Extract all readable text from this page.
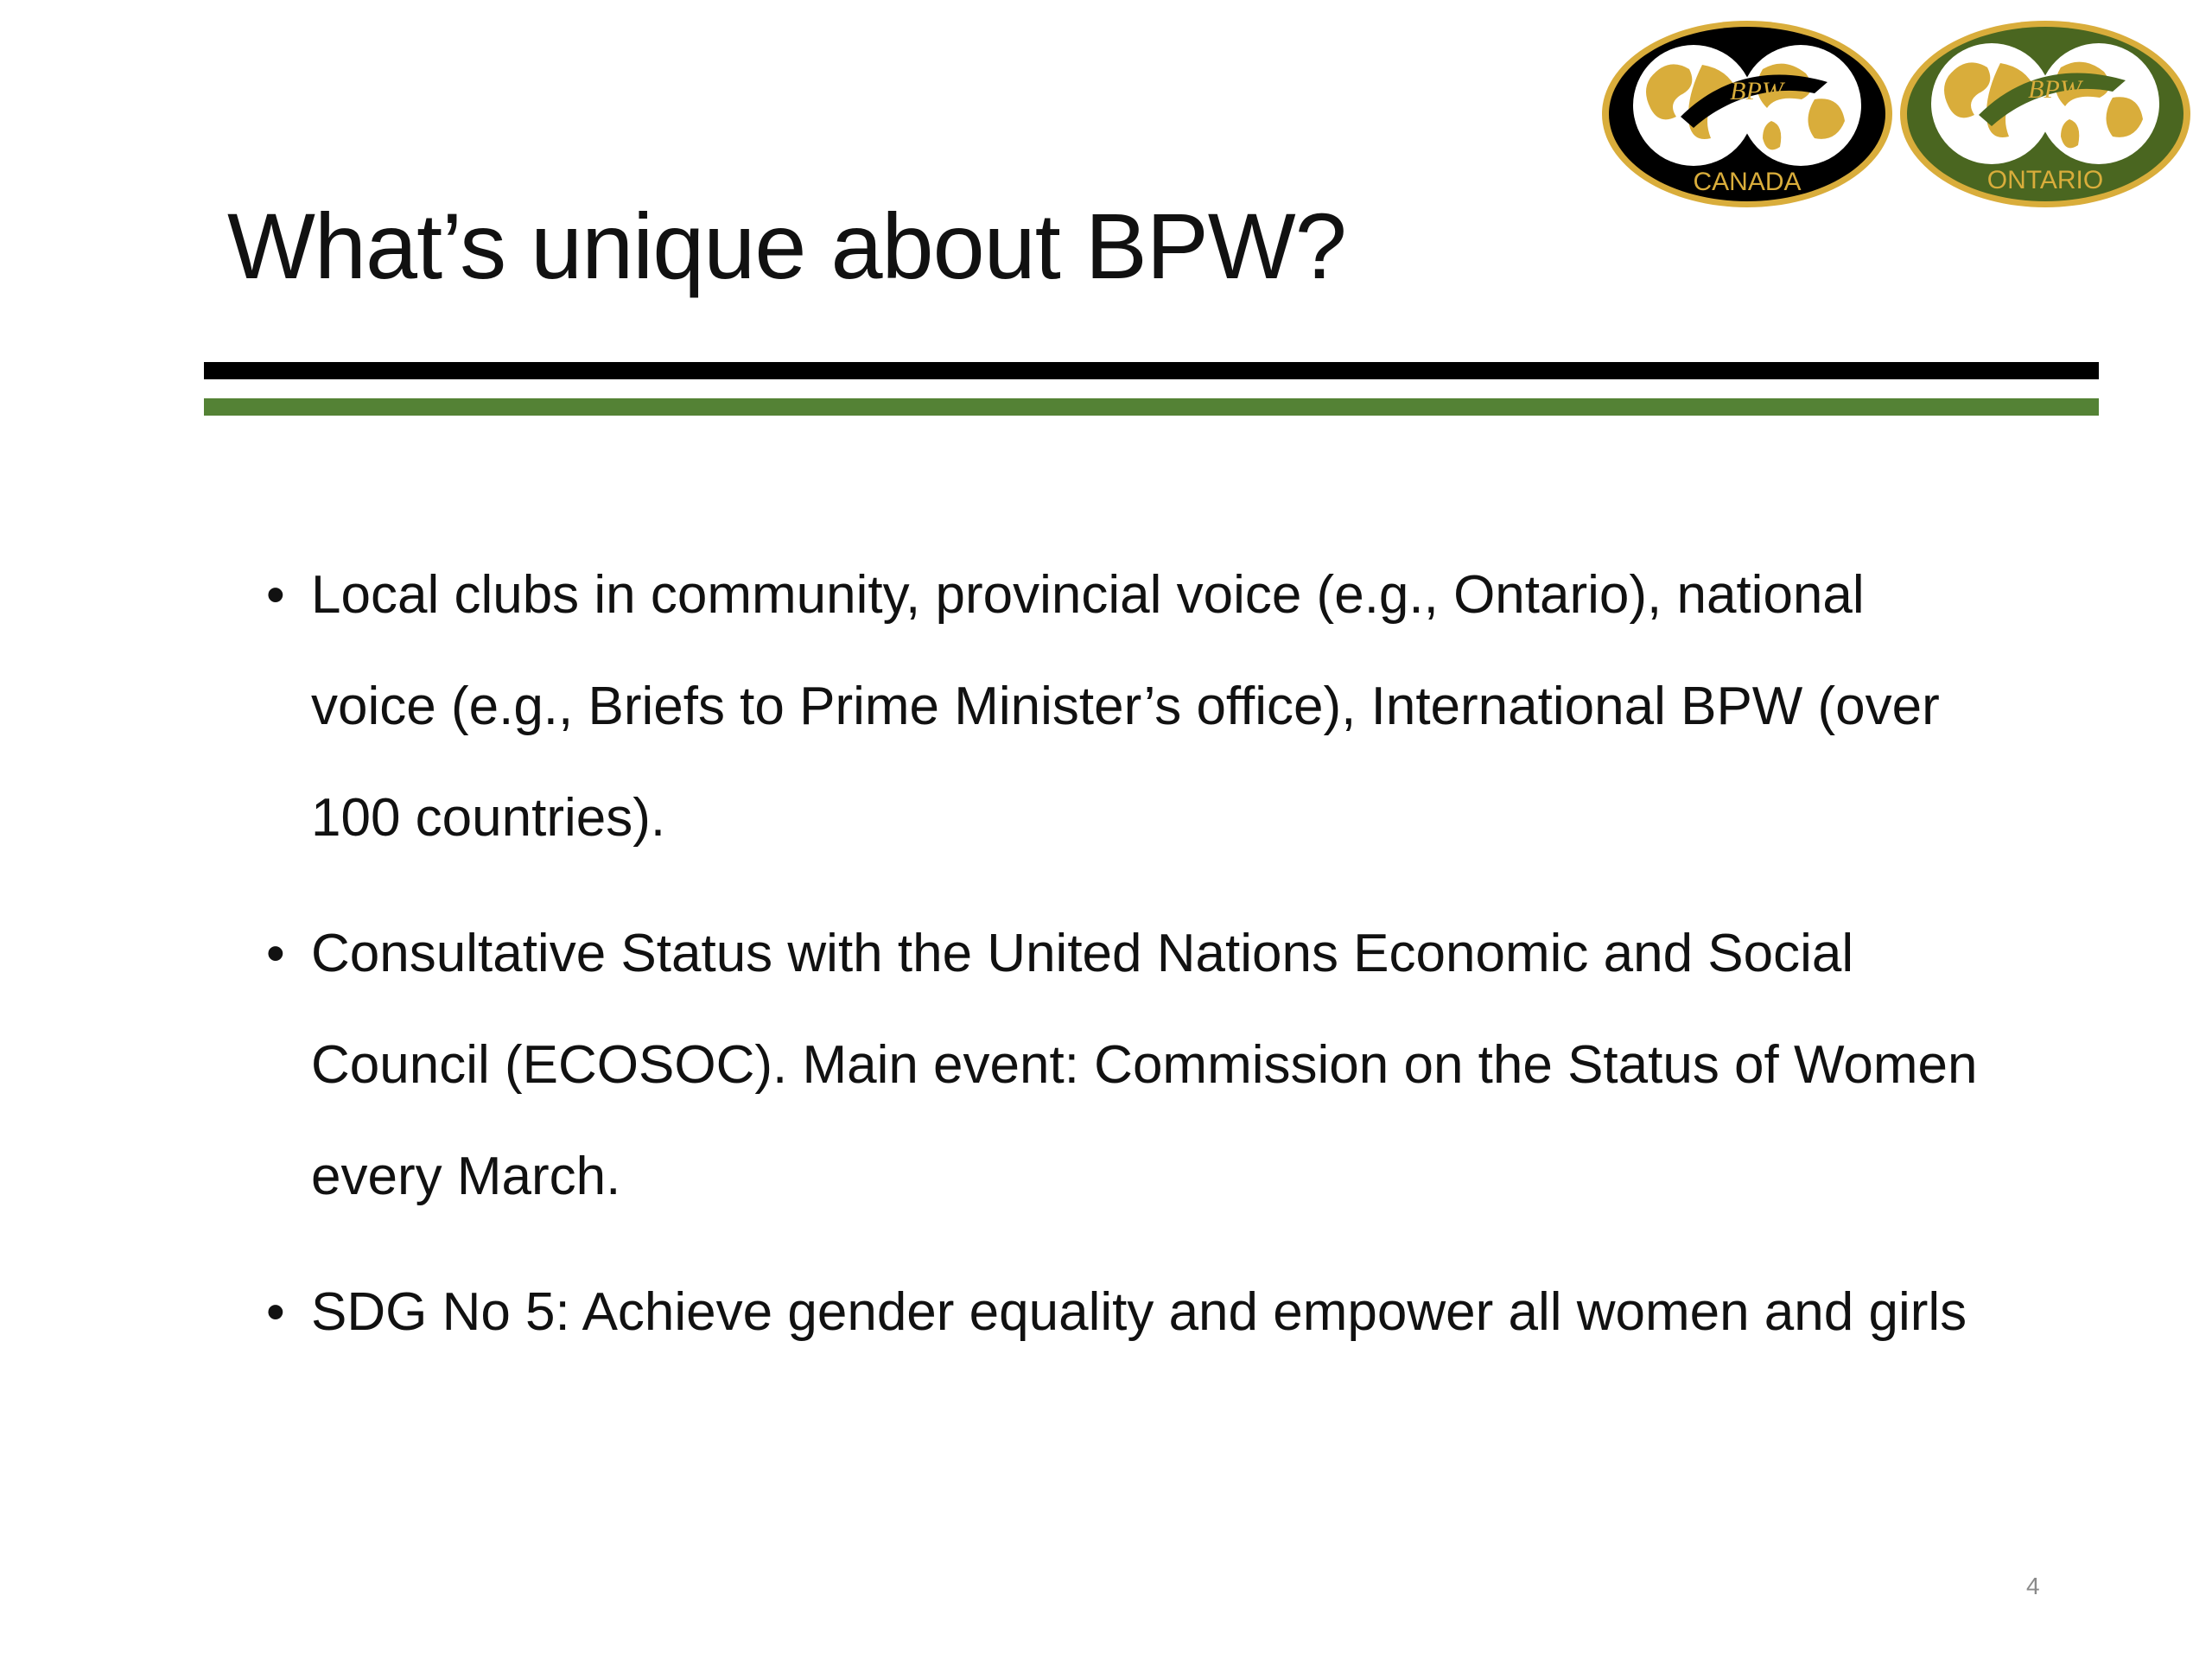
BPW
CANADA
BPW
ONTARIO
What’s unique about BPW?
• Local clubs in community, provincial voice (e.g., Ontario), national voice (e.g., Briefs to Prime Minister’s office), International BPW (over 100 countries).
• Consultative Status with the United Nations Economic and Social Council (ECOSOC). Main event: Commission on the Status of Women every March.
• SDG No 5: Achieve gender equality and empower all women and girls
4
